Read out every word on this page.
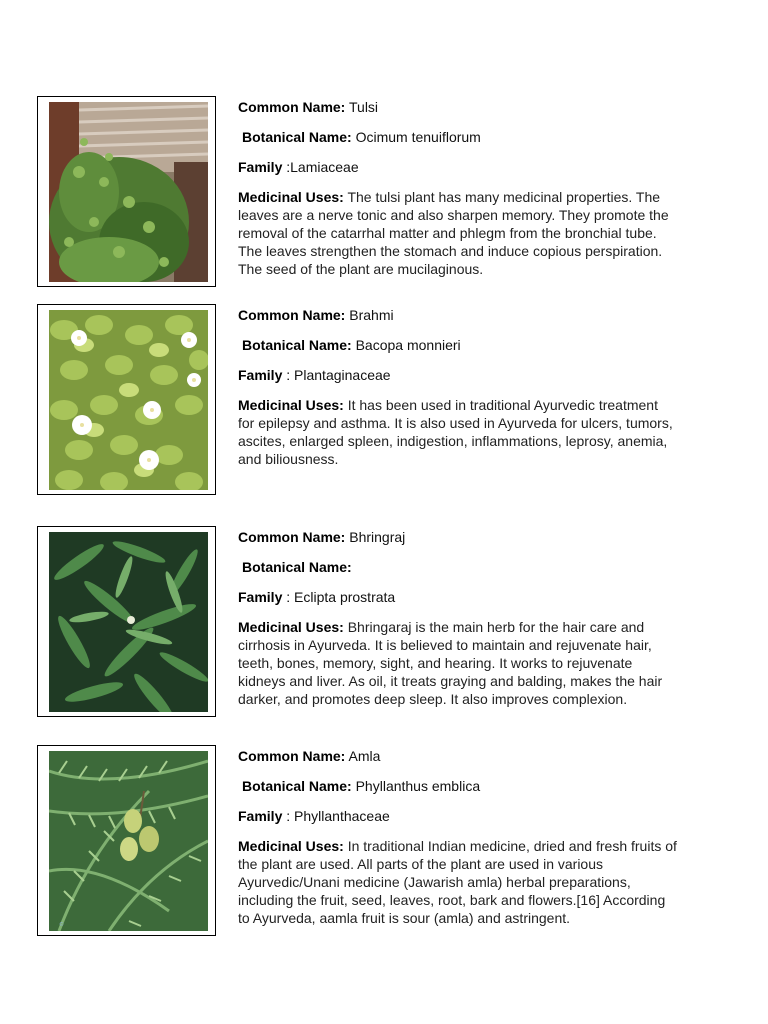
Common Name: Tulsi
Botanical Name: Ocimum tenuiflorum
Family :Lamiaceae
Medicinal Uses: The tulsi plant has many medicinal properties. The leaves are a nerve tonic and also sharpen memory. They promote the removal of the catarrhal matter and phlegm from the bronchial tube. The leaves strengthen the stomach and induce copious perspiration. The seed of the plant are mucilaginous.
Common Name: Brahmi
Botanical Name: Bacopa monnieri
Family : Plantaginaceae
Medicinal Uses: It has been used in traditional Ayurvedic treatment for epilepsy and asthma. It is also used in Ayurveda for ulcers, tumors, ascites, enlarged spleen, indigestion, inflammations, leprosy, anemia, and biliousness.
Common Name: Bhringraj
Botanical Name:
Family : Eclipta prostrata
Medicinal Uses: Bhringaraj is the main herb for the hair care and cirrhosis in Ayurveda. It is believed to maintain and rejuvenate hair, teeth, bones, memory, sight, and hearing. It works to rejuvenate kidneys and liver. As oil, it treats graying and balding, makes the hair darker, and promotes deep sleep. It also improves complexion.
©
Common Name: Amla
Botanical Name: Phyllanthus emblica
Family : Phyllanthaceae
Medicinal Uses: In traditional Indian medicine, dried and fresh fruits of the plant are used. All parts of the plant are used in various Ayurvedic/Unani medicine (Jawarish amla) herbal preparations, including the fruit, seed, leaves, root, bark and flowers.[16] According to Ayurveda, aamla fruit is sour (amla) and astringent.
